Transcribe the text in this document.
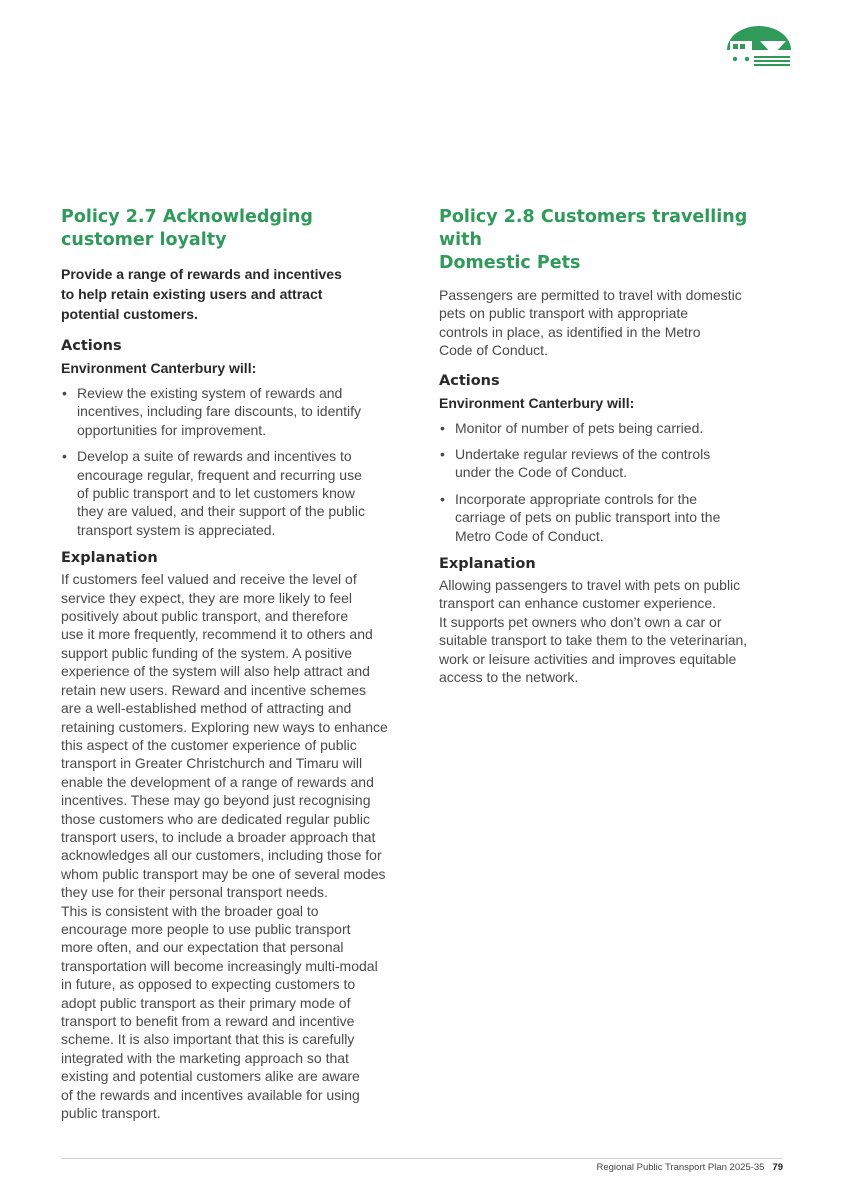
Policy 2.7 Acknowledging
customer loyalty
Provide a range of rewards and incentives
to help retain existing users and attract
potential customers.
Actions
Environment Canterbury will:
• Review the existing system of rewards and
incentives, including fare discounts, to identify
opportunities for improvement.
• Develop a suite of rewards and incentives to
encourage regular, frequent and recurring use
of public transport and to let customers know
they are valued, and their support of the public
transport system is appreciated.
Explanation
If customers feel valued and receive the level of
service they expect, they are more likely to feel
positively about public transport, and therefore
use it more frequently, recommend it to others and
support public funding of the system. A positive
experience of the system will also help attract and
retain new users. Reward and incentive schemes
are a well-established method of attracting and
retaining customers. Exploring new ways to enhance
this aspect of the customer experience of public
transport in Greater Christchurch and Timaru will
enable the development of a range of rewards and
incentives. These may go beyond just recognising
those customers who are dedicated regular public
transport users, to include a broader approach that
acknowledges all our customers, including those for
whom public transport may be one of several modes
they use for their personal transport needs.
This is consistent with the broader goal to
encourage more people to use public transport
more often, and our expectation that personal
transportation will become increasingly multi-modal
in future, as opposed to expecting customers to
adopt public transport as their primary mode of
transport to benefit from a reward and incentive
scheme. It is also important that this is carefully
integrated with the marketing approach so that
existing and potential customers alike are aware
of the rewards and incentives available for using
public transport.
Policy 2.8 Customers travelling with
Domestic Pets
Passengers are permitted to travel with domestic
pets on public transport with appropriate
controls in place, as identified in the Metro
Code of Conduct.
Actions
Environment Canterbury will:
• Monitor of number of pets being carried.
• Undertake regular reviews of the controls
under the Code of Conduct.
• Incorporate appropriate controls for the
carriage of pets on public transport into the
Metro Code of Conduct.
Explanation
Allowing passengers to travel with pets on public
transport can enhance customer experience.
It supports pet owners who don’t own a car or
suitable transport to take them to the veterinarian,
work or leisure activities and improves equitable
access to the network.
Regional Public Transport Plan 2025-35 79
